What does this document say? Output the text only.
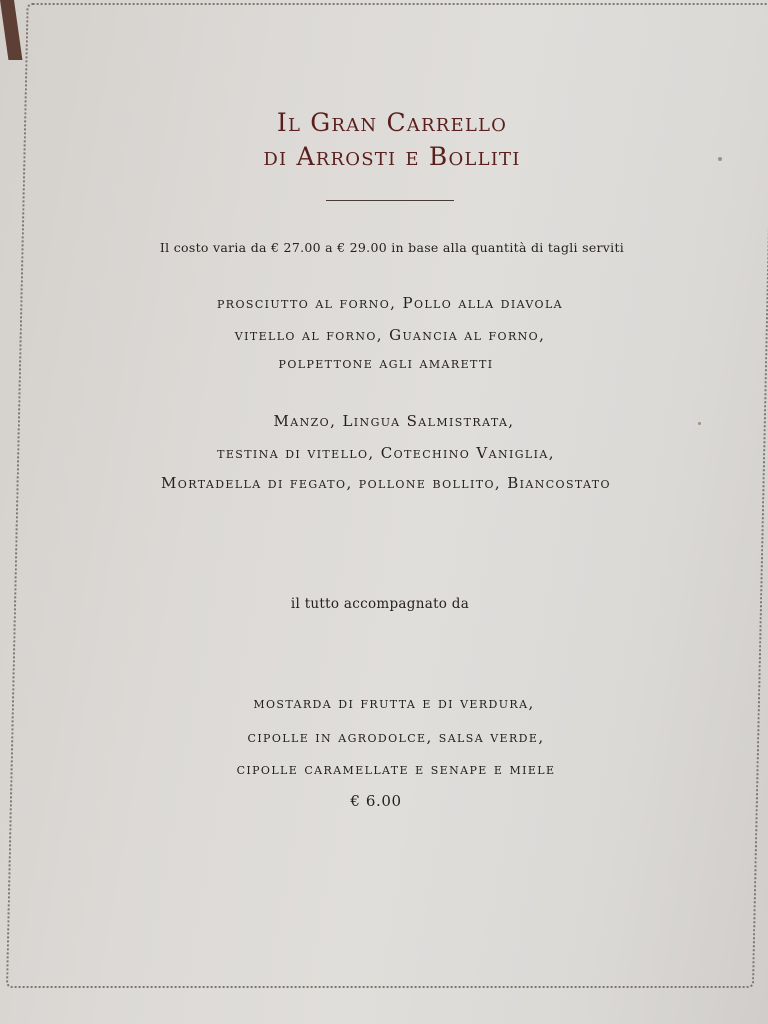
Il Gran Carrello
di Arrosti e Bolliti
Il costo varia da € 27.00 a € 29.00 in base alla quantità di tagli serviti
prosciutto al forno, Pollo alla diavola
vitello al forno, Guancia al forno,
polpettone agli amaretti
Manzo, Lingua Salmistrata,
testina di vitello, Cotechino Vaniglia,
Mortadella di fegato, pollone bollito, Biancostato
il tutto accompagnato da
mostarda di frutta e di verdura,
cipolle in agrodolce, salsa verde,
cipolle caramellate e senape e miele
€ 6.00
